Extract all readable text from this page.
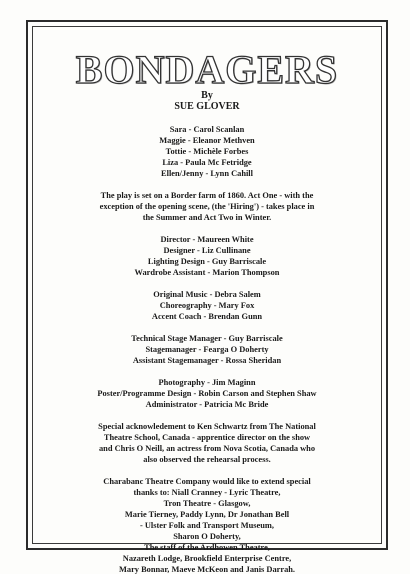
BONDAGERS

By

SUE GLOVER

Sara - Carol Scanlan
Maggie - Eleanor Methven
Tottie - Michèle Forbes
Liza - Paula Mc Fetridge
Ellen/Jenny - Lynn Cahill
The play is set on a Border farm of 1860. Act One - with the
exception of the opening scene, (the 'Hiring') - takes place in
the Summer and Act Two in Winter.
Director - Maureen White
Designer - Liz Cullinane
Lighting Design - Guy Barriscale
Wardrobe Assistant - Marion Thompson
Original Music - Debra Salem
Choreography - Mary Fox
Accent Coach - Brendan Gunn
Technical Stage Manager - Guy Barriscale
Stagemanager - Fearga O Doherty
Assistant Stagemanager - Rossa Sheridan
Photography - Jim Maginn
Poster/Programme Design - Robin Carson and Stephen Shaw
Administrator - Patricia Mc Bride
Special acknowledement to Ken Schwartz from The National
Theatre School, Canada - apprentice director on the show
and Chris O Neill, an actress from Nova Scotia, Canada who
also observed the rehearsal process.
Charabanc Theatre Company would like to extend special
thanks to: Niall Cranney - Lyric Theatre,
Tron Theatre - Glasgow,
Marie Tierney, Paddy Lynn, Dr Jonathan Bell
- Ulster Folk and Transport Museum,
Sharon O Doherty,
The staff of the Ardhowen Theatre,
Nazareth Lodge, Brookfield Enterprise Centre,
Mary Bonnar, Maeve McKeon and Janis Darrah.
